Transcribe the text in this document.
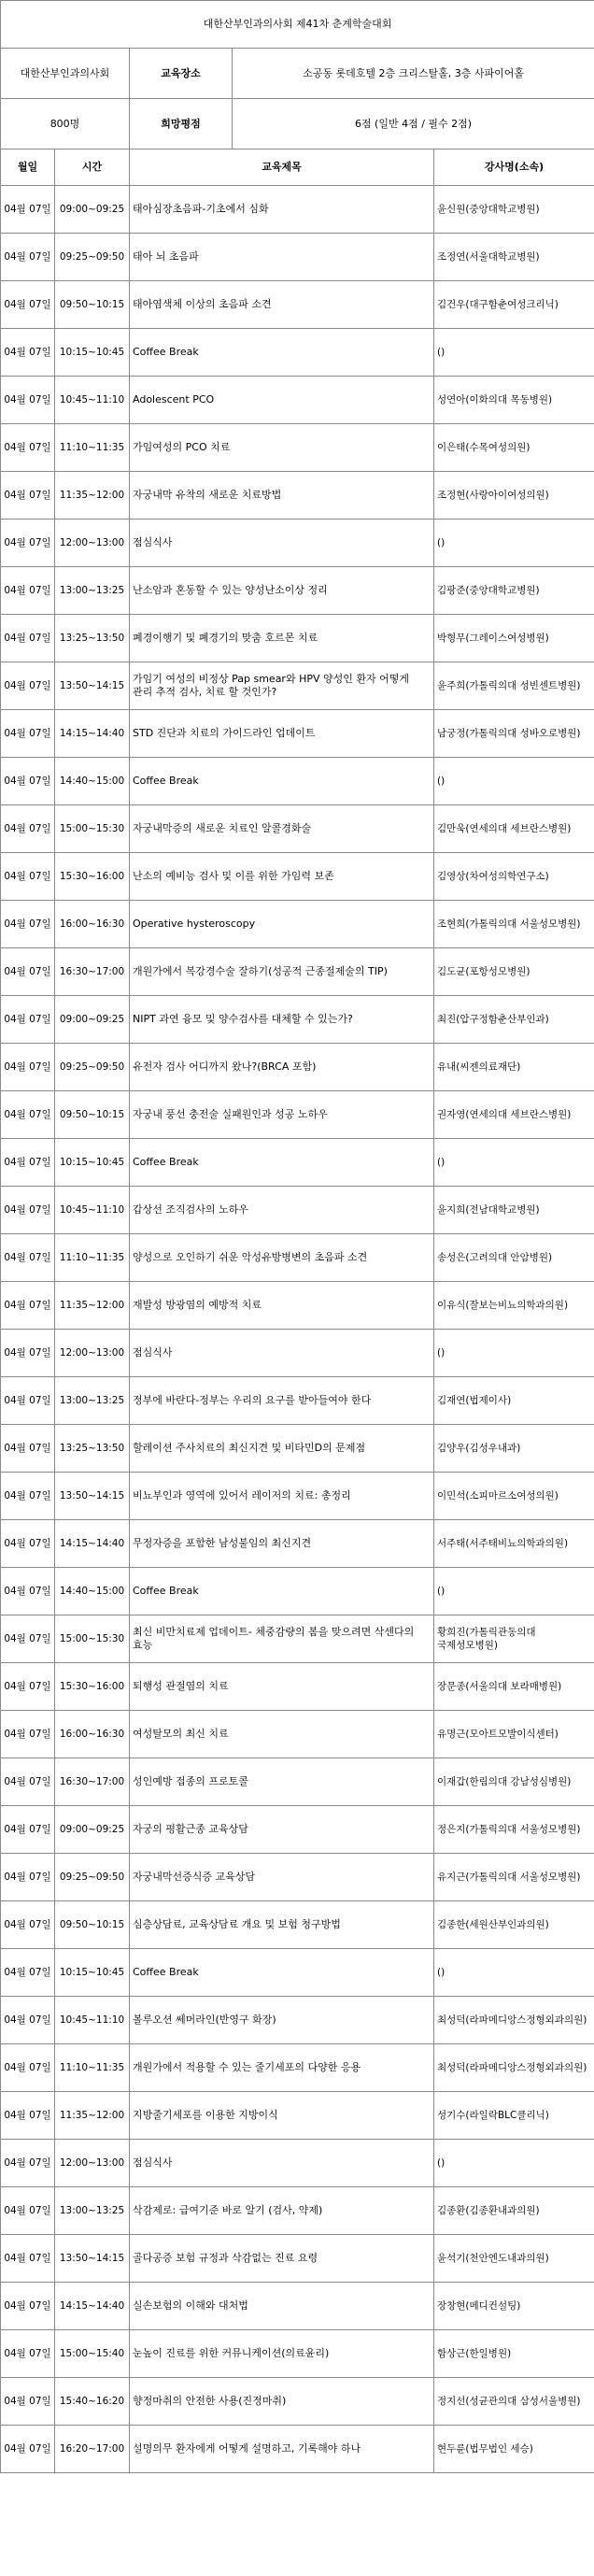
대한산부인과의사회 제41차 춘계학술대회				
대한산부인과의사회		교육장소	소공동 롯데호텔 2층 크리스탈홀, 3층 사파이어홀	
800명		희망평점	6점 (일반 4점 / 필수 2점)	
월일	시간	교육제목		강사명(소속)
04월 07일	09:00~09:25	태아심장초음파-기초에서 심화		윤신원(중앙대학교병원)
04월 07일	09:25~09:50	태아 뇌 초음파		조정연(서울대학교병원)
04월 07일	09:50~10:15	태아염색체 이상의 초음파 소견		김건우(대구함춘여성크리닉)
04월 07일	10:15~10:45	Coffee Break		()
04월 07일	10:45~11:10	Adolescent PCO		성연아(이화의대 목동병원)
04월 07일	11:10~11:35	가임여성의 PCO 치료		이은태(수목여성의원)
04월 07일	11:35~12:00	자궁내막 유착의 새로운 치료방법		조정현(사랑아이여성의원)
04월 07일	12:00~13:00	점심식사		()
04월 07일	13:00~13:25	난소암과 혼동할 수 있는 양성난소이상 정리		김팡준(중앙대학교병원)
04월 07일	13:25~13:50	폐경이행기 및 폐경기의 맞춤 호르몬 치료		박형무(그레이스여성병원)
04월 07일	13:50~14:15	가임기 여성의 비정상 Pap smear와 HPV 양성인 환자 어떻게 관리 추적 검사, 치료 할 것인가?		윤주희(가톨릭의대 성빈센트병원)
04월 07일	14:15~14:40	STD 진단과 치료의 가이드라인 업데이트		남궁정(가톨릭의대 성바오로병원)
04월 07일	14:40~15:00	Coffee Break		()
04월 07일	15:00~15:30	자궁내막증의 새로운 치료인 알콜경화술		김만욱(연세의대 세브란스병원)
04월 07일	15:30~16:00	난소의 예비능 검사 및 이를 위한 가임력 보존		김영상(차여성의학연구소)
04월 07일	16:00~16:30	Operative hysteroscopy		조현희(가톨릭의대 서울성모병원)
04월 07일	16:30~17:00	개원가에서 복강경수술 잘하기(성공적 근종절제술의 TIP)		김도균(포항성모병원)
04월 07일	09:00~09:25	NIPT 과연 융모 및 양수검사를 대체할 수 있는가?		최진(압구정함춘산부인과)
04월 07일	09:25~09:50	유전자 검사 어디까지 왔나?(BRCA 포함)		유내(씨젠의료재단)
04월 07일	09:50~10:15	자궁내 풍선 충전술 실패원인과 성공 노하우		권자영(연세의대 세브란스병원)
04월 07일	10:15~10:45	Coffee Break		()
04월 07일	10:45~11:10	갑상선 조직검사의 노하우		윤지희(전남대학교병원)
04월 07일	11:10~11:35	양성으로 오인하기 쉬운 악성유방병변의 초음파 소견		송성은(고려의대 안암병원)
04월 07일	11:35~12:00	재발성 방광염의 예방적 치료		이유식(잘보는비뇨의학과의원)
04월 07일	12:00~13:00	점심식사		()
04월 07일	13:00~13:25	정부에 바란다-정부는 우리의 요구를 받아들여야 한다		김재연(법제이사)
04월 07일	13:25~13:50	할레이션 주사치료의 최신지견 및 비타민D의 문제점		김양우(김성우내과)
04월 07일	13:50~14:15	비뇨부인과 영역에 있어서 레이저의 치료: 총정리		이민석(소피마르소여성의원)
04월 07일	14:15~14:40	무정자증을 포함한 남성불임의 최신지견		서주태(서주태비뇨의학과의원)
04월 07일	14:40~15:00	Coffee Break		()
04월 07일	15:00~15:30	최신 비만치료제 업데이트- 체중감량의 봄을 맞으려면 삭센다의 효능		황희진(가톨릭관동의대 국제성모병원)
04월 07일	15:30~16:00	퇴행성 관절염의 치료		장문종(서울의대 보라매병원)
04월 07일	16:00~16:30	여성탈모의 최신 치료		유명근(모아트모발이식센터)
04월 07일	16:30~17:00	성인예방 접종의 프로토콜		이재갑(한림의대 강남성심병원)
04월 07일	09:00~09:25	자궁의 평활근종 교육상담		정은지(가톨릭의대 서울성모병원)
04월 07일	09:25~09:50	자궁내막선증식증 교육상담		유지근(가톨릭의대 서울성모병원)
04월 07일	09:50~10:15	심층상담료, 교육상담료 개요 및 보험 청구방법		김종한(세원산부인과의원)
04월 07일	10:15~10:45	Coffee Break		()
04월 07일	10:45~11:10	볼루오션 쎄머라인(반영구 화장)		최성덕(라파메디앙스정형외과의원)
04월 07일	11:10~11:35	개원가에서 적용할 수 있는 줄기세포의 다양한 응용		최성덕(라파메디앙스정형외과의원)
04월 07일	11:35~12:00	지방줄기세포를 이용한 지방이식		성기수(라일락BLC클리닉)
04월 07일	12:00~13:00	점심식사		()
04월 07일	13:00~13:25	삭감제로: 급여기준 바로 알기 (검사, 약제)		김종환(김종환내과의원)
04월 07일	13:50~14:15	골다공증 보험 규정과 삭감없는 진료 요령		윤석기(천안엔도내과의원)
04월 07일	14:15~14:40	실손보험의 이해와 대처법		장창현(메디컨설팅)
04월 07일	15:00~15:40	눈높이 진료를 위한 커뮤니케이션(의료윤리)		함상근(한일병원)
04월 07일	15:40~16:20	향정마취의 안전한 사용(진정마취)		정지선(성균관의대 삼성서울병원)
04월 07일	16:20~17:00	설명의무 환자에게 어떻게 설명하고, 기록해야 하나		현두륜(법무법인 세승)
